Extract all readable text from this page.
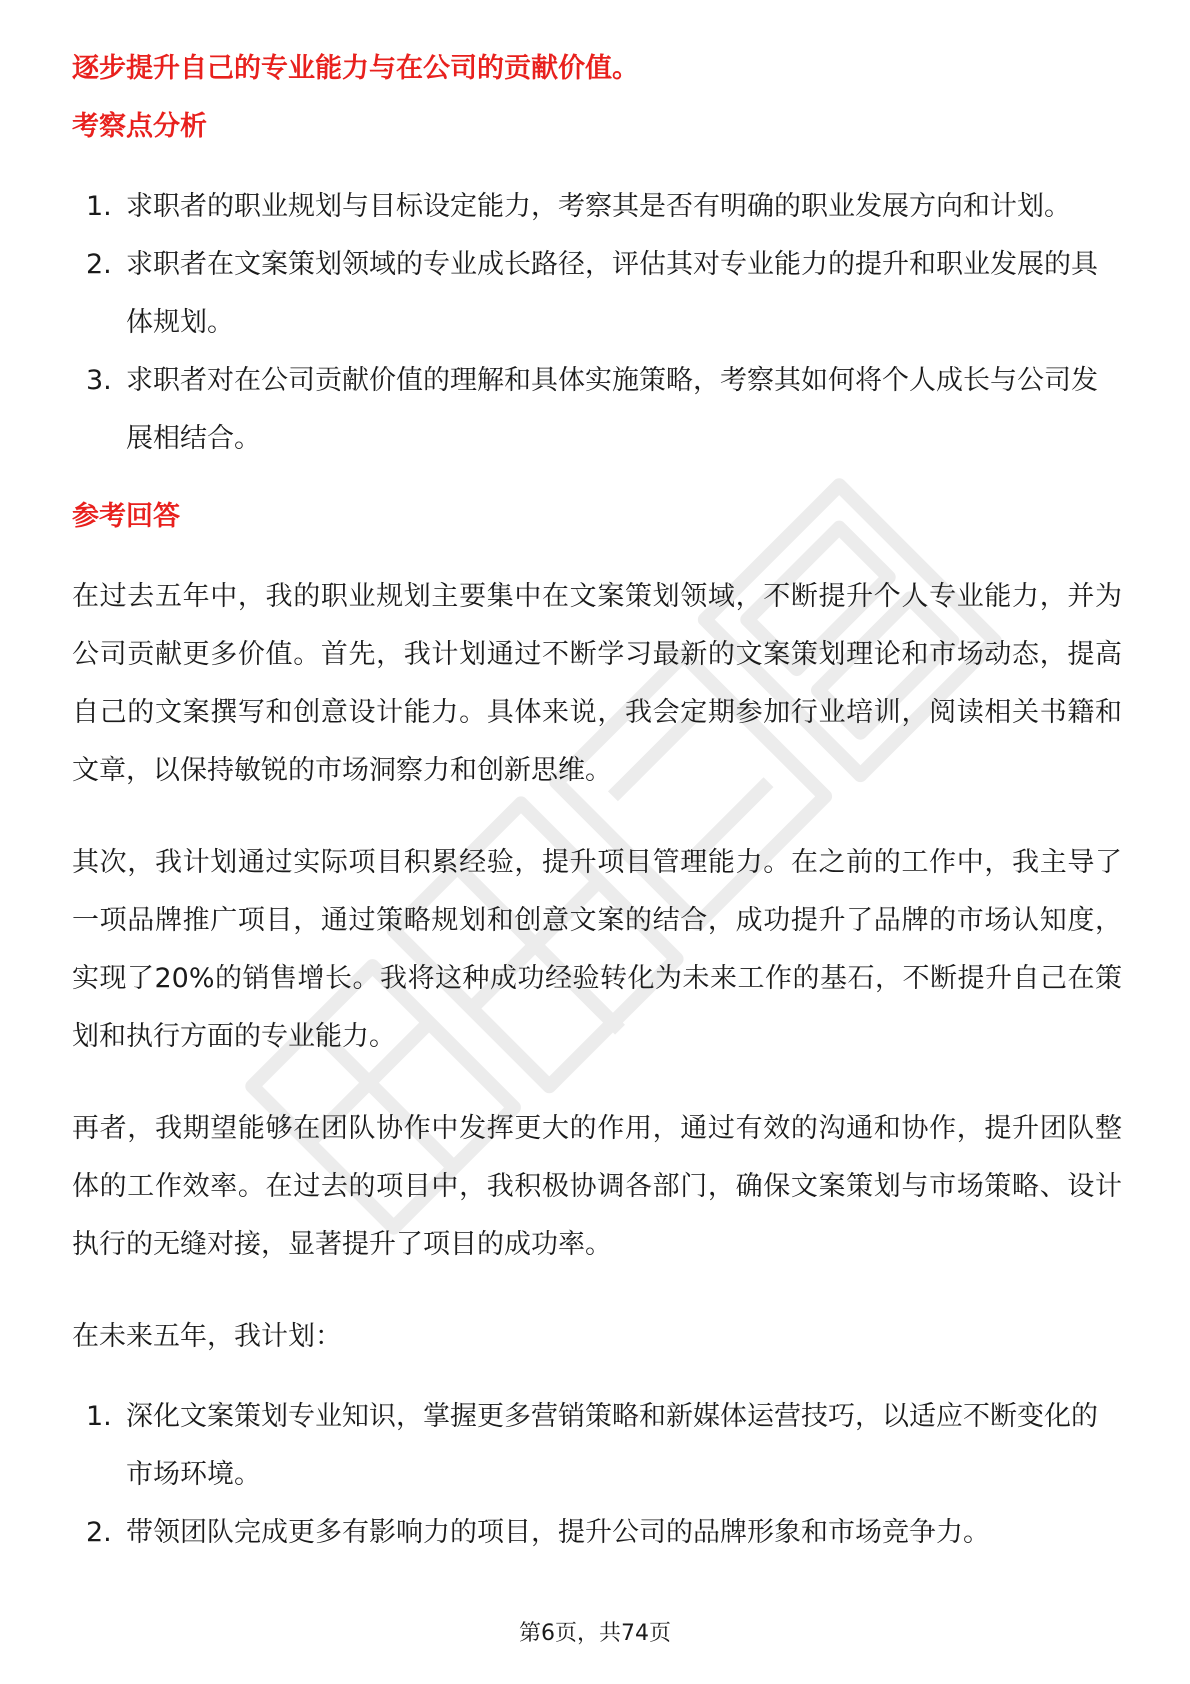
逐步提升自己的专业能力与在公司的贡献价值。

考察点分析
1. 求职者的职业规划与目标设定能力，考察其是否有明确的职业发展方向和计划。
2. 求职者在文案策划领域的专业成长路径，评估其对专业能力的提升和职业发展的具体规划。
3. 求职者对在公司贡献价值的理解和具体实施策略，考察其如何将个人成长与公司发展相结合。
参考回答

在过去五年中，我的职业规划主要集中在文案策划领域，不断提升个人专业能力，并为公司贡献更多价值。首先，我计划通过不断学习最新的文案策划理论和市场动态，提高自己的文案撰写和创意设计能力。具体来说，我会定期参加行业培训，阅读相关书籍和文章，以保持敏锐的市场洞察力和创新思维。

其次，我计划通过实际项目积累经验，提升项目管理能力。在之前的工作中，我主导了一项品牌推广项目，通过策略规划和创意文案的结合，成功提升了品牌的市场认知度，实现了20%的销售增长。我将这种成功经验转化为未来工作的基石，不断提升自己在策划和执行方面的专业能力。

再者，我期望能够在团队协作中发挥更大的作用，通过有效的沟通和协作，提升团队整体的工作效率。在过去的项目中，我积极协调各部门，确保文案策划与市场策略、设计执行的无缝对接，显著提升了项目的成功率。

在未来五年，我计划：

1. 深化文案策划专业知识，掌握更多营销策略和新媒体运营技巧，以适应不断变化的市场环境。
2. 带领团队完成更多有影响力的项目，提升公司的品牌形象和市场竞争力。
第6页，共74页
